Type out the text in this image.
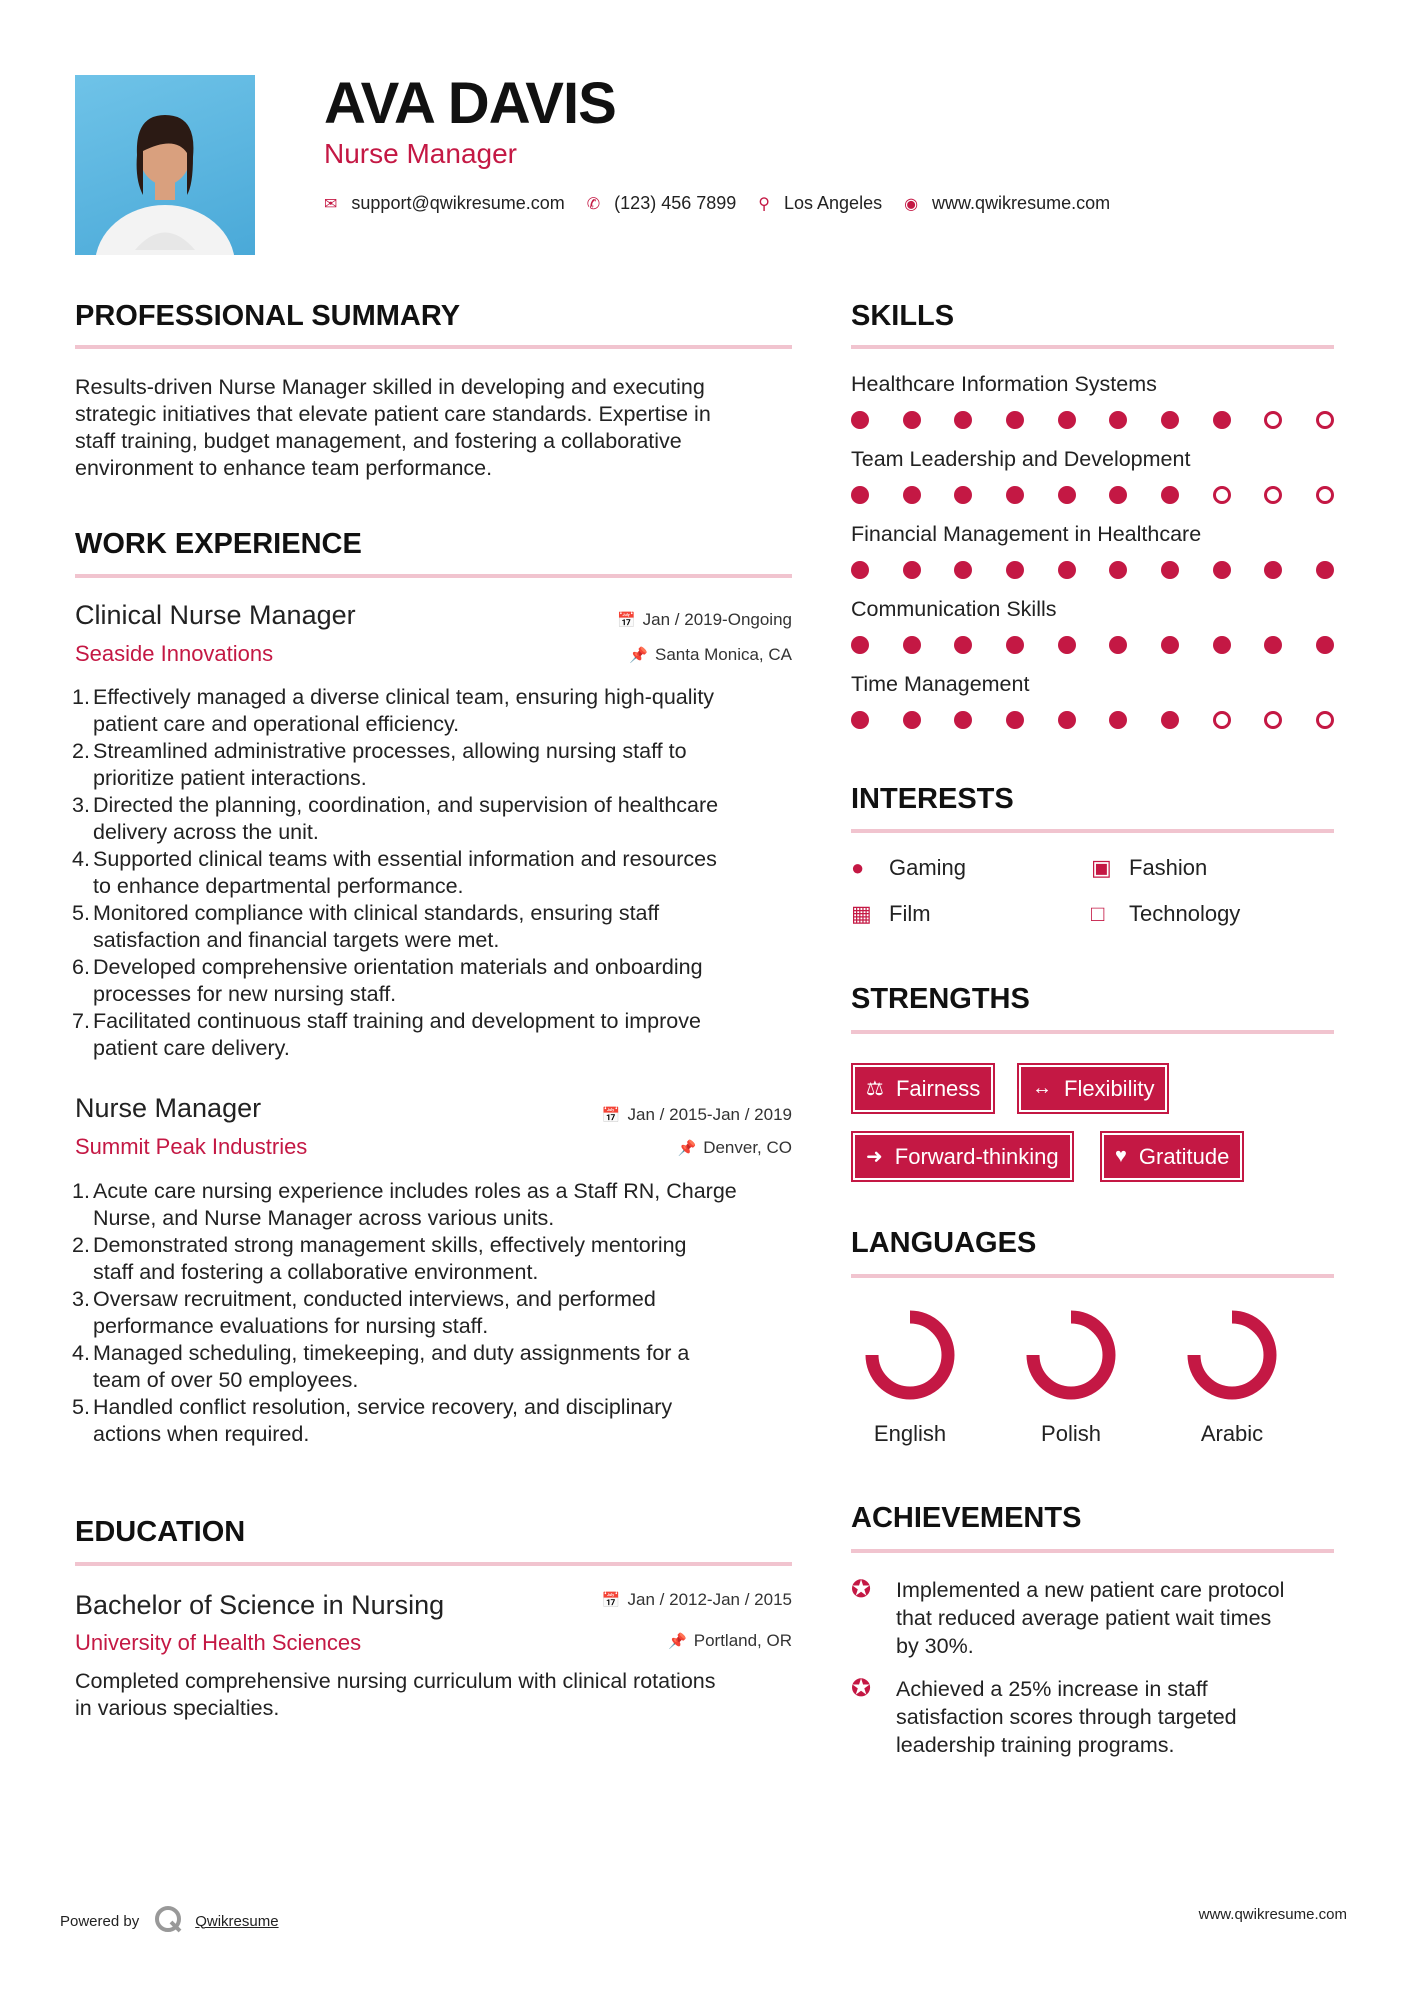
AVA DAVIS
Nurse Manager
✉ support@qwikresume.com ✆ (123) 456 7899 ⚲ Los Angeles ◉ www.qwikresume.com
PROFESSIONAL SUMMARY
Results-driven Nurse Manager skilled in developing and executing
strategic initiatives that elevate patient care standards. Expertise in
staff training, budget management, and fostering a collaborative
environment to enhance team performance.
WORK EXPERIENCE
Clinical Nurse Manager	📅 Jan / 2019-Ongoing
Seaside Innovations	📌 Santa Monica, CA
1. Effectively managed a diverse clinical team, ensuring high-quality
patient care and operational efficiency.
2. Streamlined administrative processes, allowing nursing staff to
prioritize patient interactions.
3. Directed the planning, coordination, and supervision of healthcare
delivery across the unit.
4. Supported clinical teams with essential information and resources
to enhance departmental performance.
5. Monitored compliance with clinical standards, ensuring staff
satisfaction and financial targets were met.
6. Developed comprehensive orientation materials and onboarding
processes for new nursing staff.
7. Facilitated continuous staff training and development to improve
patient care delivery.
Nurse Manager	📅 Jan / 2015-Jan / 2019
Summit Peak Industries	📌 Denver, CO
1. Acute care nursing experience includes roles as a Staff RN, Charge
Nurse, and Nurse Manager across various units.
2. Demonstrated strong management skills, effectively mentoring
staff and fostering a collaborative environment.
3. Oversaw recruitment, conducted interviews, and performed
performance evaluations for nursing staff.
4. Managed scheduling, timekeeping, and duty assignments for a
team of over 50 employees.
5. Handled conflict resolution, service recovery, and disciplinary
actions when required.
EDUCATION
Bachelor of Science in Nursing	📅 Jan / 2012-Jan / 2015
University of Health Sciences	📌 Portland, OR
Completed comprehensive nursing curriculum with clinical rotations
in various specialties.
SKILLS
Healthcare Information Systems
Team Leadership and Development
Financial Management in Healthcare
Communication Skills
Time Management
INTERESTS
●	Gaming	▣ Fashion
▦ Film	□	Technology
STRENGTHS
⚖ Fairness	↔ Flexibility
➜ Forward-thinking	♥ Gratitude
LANGUAGES
English	Polish	Arabic
ACHIEVEMENTS
✪	Implemented a new patient care protocol
that reduced average patient wait times
by 30%.
✪	Achieved a 25% increase in staff
satisfaction scores through targeted
leadership training programs.
Powered by	Qwikresume	www.qwikresume.com
